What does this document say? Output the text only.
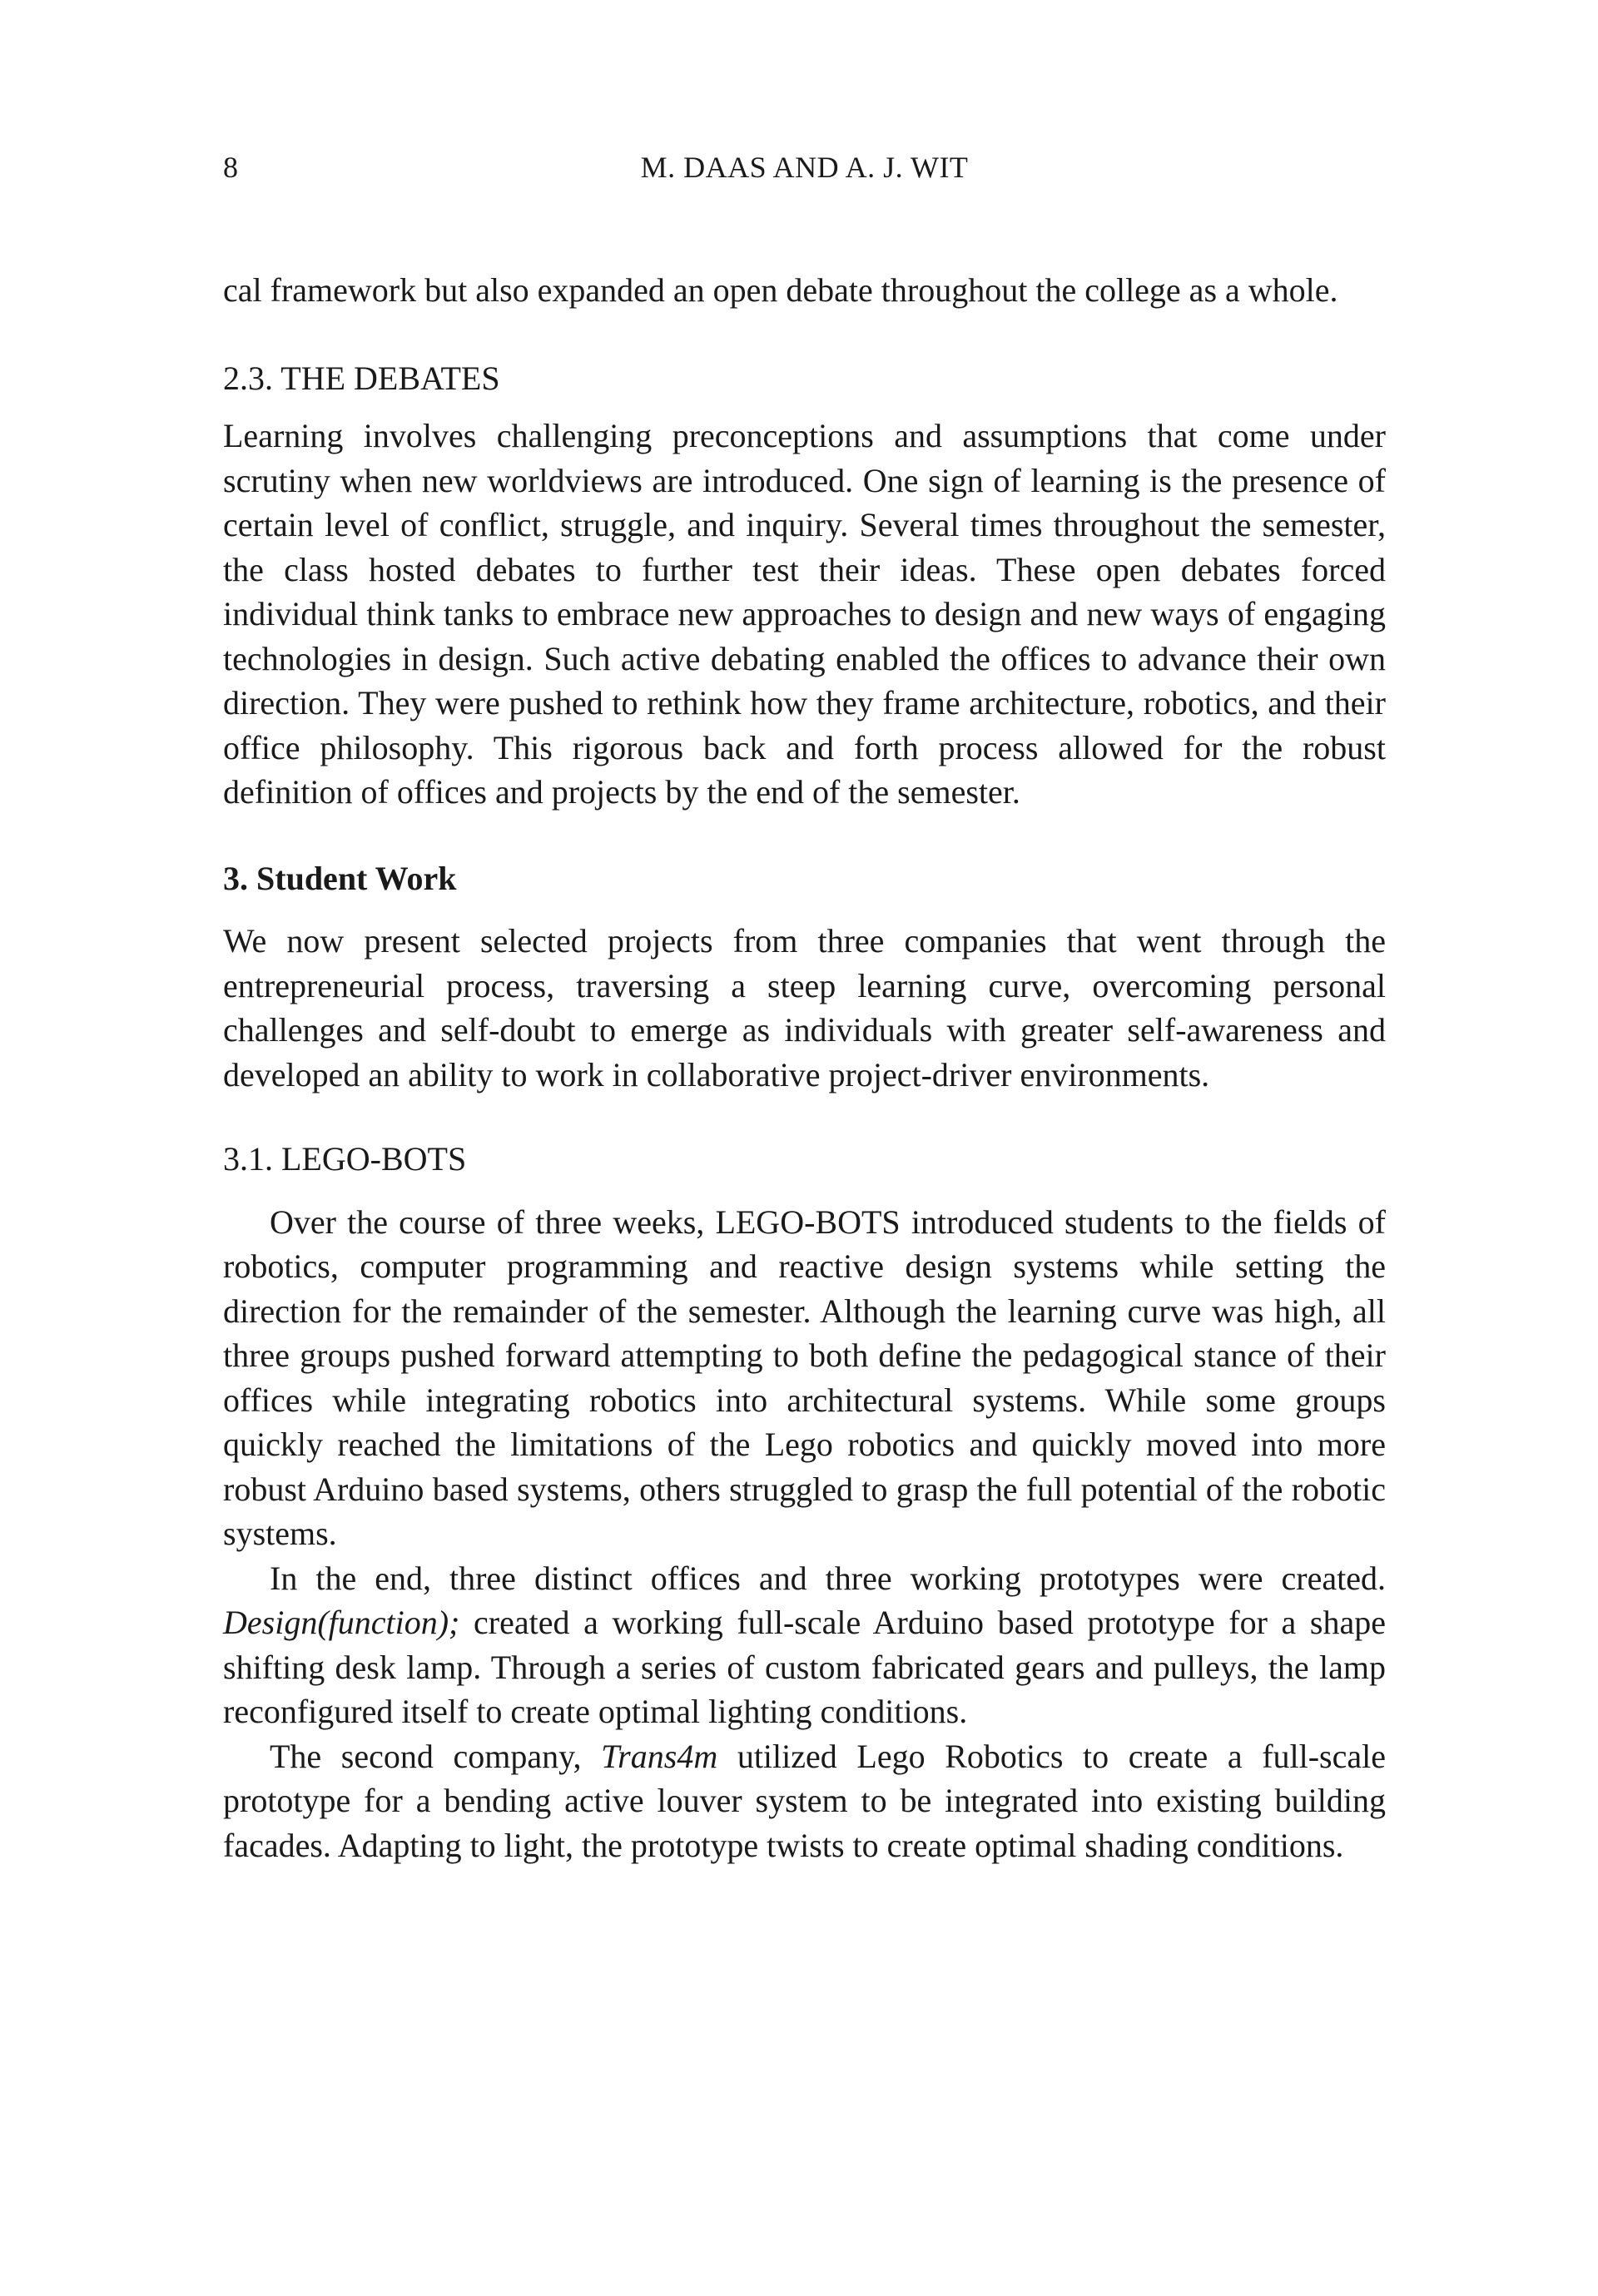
8	M. DAAS AND A. J. WIT

cal framework but also expanded an open debate throughout the college as a whole.

2.3. THE DEBATES

Learning involves challenging preconceptions and assumptions that come under scrutiny when new worldviews are introduced. One sign of learning is the presence of certain level of conflict, struggle, and inquiry. Several times throughout the semester, the class hosted debates to further test their ideas. These open debates forced individual think tanks to embrace new approaches to design and new ways of engaging technologies in design. Such active debating enabled the offices to advance their own direction. They were pushed to rethink how they frame architecture, robotics, and their office philosophy. This rigorous back and forth process allowed for the robust definition of offices and projects by the end of the semester.

3. Student Work

We now present selected projects from three companies that went through the entrepreneurial process, traversing a steep learning curve, overcoming personal challenges and self-doubt to emerge as individuals with greater self-awareness and developed an ability to work in collaborative project-driver environments.

3.1. LEGO-BOTS

Over the course of three weeks, LEGO-BOTS introduced students to the fields of robotics, computer programming and reactive design systems while setting the direction for the remainder of the semester. Although the learning curve was high, all three groups pushed forward attempting to both define the pedagogical stance of their offices while integrating robotics into architectural systems. While some groups quickly reached the limitations of the Lego robotics and quickly moved into more robust Arduino based systems, others struggled to grasp the full potential of the robotic systems.

In the end, three distinct offices and three working prototypes were created. Design(function); created a working full-scale Arduino based prototype for a shape shifting desk lamp. Through a series of custom fabricated gears and pulleys, the lamp reconfigured itself to create optimal lighting conditions.

The second company, Trans4m utilized Lego Robotics to create a full-scale prototype for a bending active louver system to be integrated into existing building facades. Adapting to light, the prototype twists to create optimal shading conditions.
